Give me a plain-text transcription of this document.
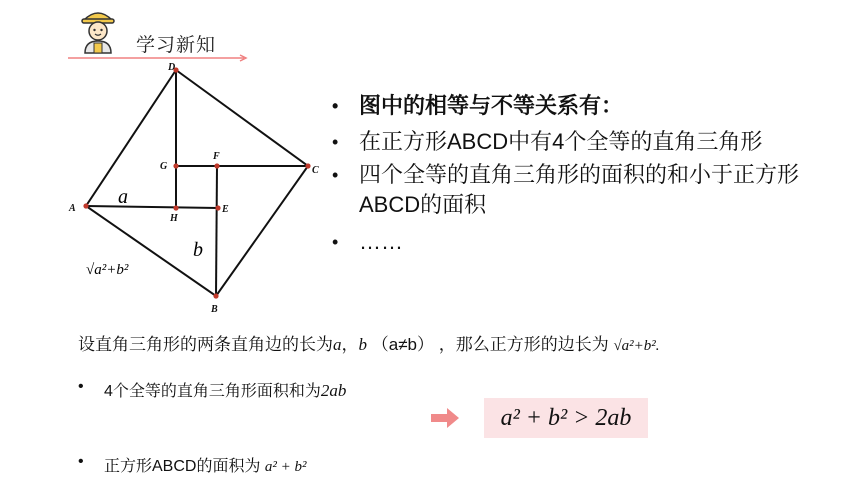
学习新知
D
C
B
A
G
F
H
E
a
b
√a²+b²
• 图中的相等与不等关系有：
• 在正方形ABCD中有4个全等的直角三角形
• 四个全等的直角三角形的面积的和小于正方形ABCD的面积
• ……
设直角三角形的两条直角边的长为a，b （a≠b） ，那么正方形的边长为 √a²+b².
• 4个全等的直角三角形面积和为2ab
• 正方形ABCD的面积为 a² + b²
a² + b² > 2ab
